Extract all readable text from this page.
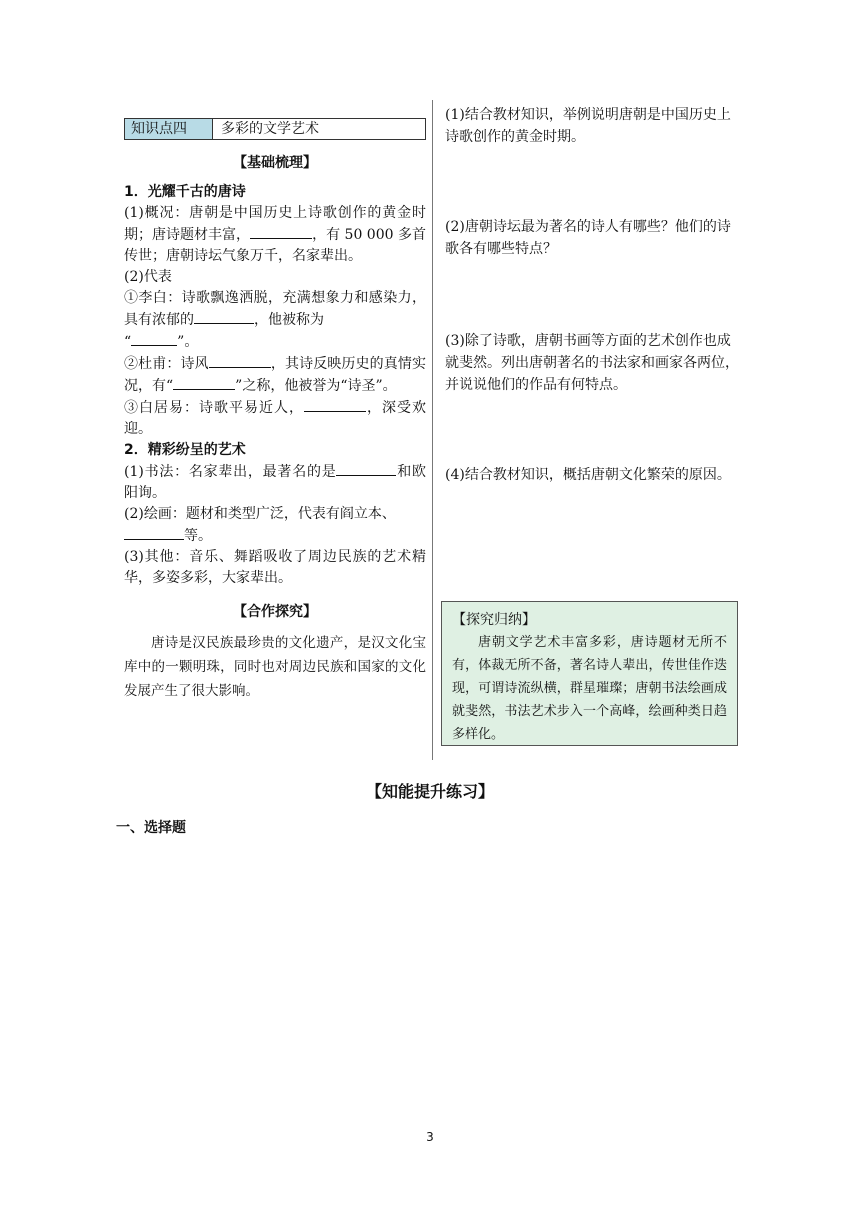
知识点四	多彩的文学艺术
【基础梳理】
1．光耀千古的唐诗
(1)概况：唐朝是中国历史上诗歌创作的黄金时期；唐诗题材丰富，	，有 50 000 多首传世；唐朝诗坛气象万千，名家辈出。
(2)代表
①李白：诗歌飘逸洒脱，充满想象力和感染力，具有浓郁的	，他被称为
“	”。
②杜甫：诗风	，其诗反映历史的真情实况，有“	”之称，他被誉为“诗圣”。
③白居易：诗歌平易近人，	，深受欢迎。
2．精彩纷呈的艺术
(1)书法：名家辈出，最著名的是	和欧阳询。
(2)绘画：题材和类型广泛，代表有阎立本、
等。
(3)其他：音乐、舞蹈吸收了周边民族的艺术精华，多姿多彩，大家辈出。
【合作探究】
唐诗是汉民族最珍贵的文化遗产，是汉文化宝库中的一颗明珠，同时也对周边民族和国家的文化发展产生了很大影响。
(1)结合教材知识，举例说明唐朝是中国历史上诗歌创作的黄金时期。
(2)唐朝诗坛最为著名的诗人有哪些？他们的诗歌各有哪些特点？
(3)除了诗歌，唐朝书画等方面的艺术创作也成就斐然。列出唐朝著名的书法家和画家各两位，并说说他们的作品有何特点。
(4)结合教材知识，概括唐朝文化繁荣的原因。
【探究归纳】
唐朝文学艺术丰富多彩，唐诗题材无所不有，体裁无所不备，著名诗人辈出，传世佳作迭现，可谓诗流纵横，群星璀璨；唐朝书法绘画成就斐然，书法艺术步入一个高峰，绘画种类日趋多样化。
【知能提升练习】
一、选择题
3
